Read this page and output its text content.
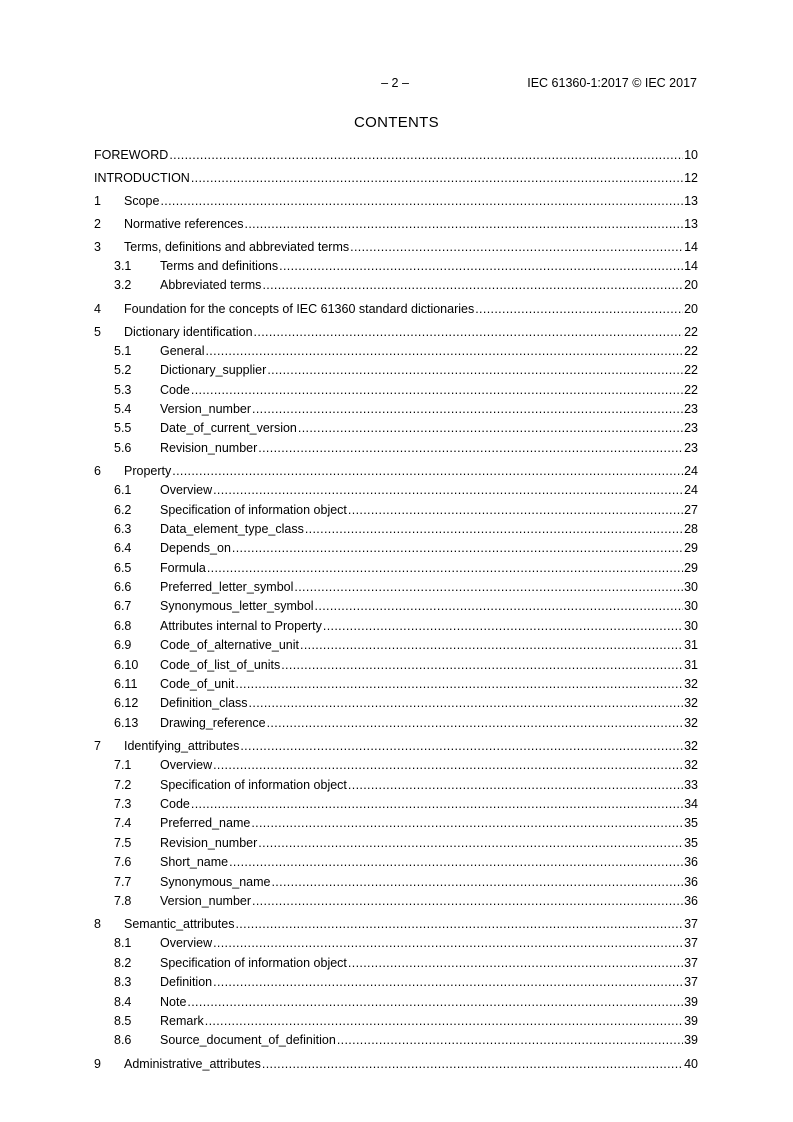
– 2 –	IEC 61360-1:2017 © IEC 2017
CONTENTS
FOREWORD .....	10
INTRODUCTION .....	12
1	Scope .....	13
2	Normative references .....	13
3	Terms, definitions and abbreviated terms .....	14
3.1	Terms and definitions .....	14
3.2	Abbreviated terms .....	20
4	Foundation for the concepts of IEC 61360 standard dictionaries .....	20
5	Dictionary identification .....	22
5.1	General .....	22
5.2	Dictionary_supplier .....	22
5.3	Code .....	22
5.4	Version_number .....	23
5.5	Date_of_current_version .....	23
5.6	Revision_number .....	23
6	Property .....	24
6.1	Overview .....	24
6.2	Specification of information object .....	27
6.3	Data_element_type_class .....	28
6.4	Depends_on .....	29
6.5	Formula .....	29
6.6	Preferred_letter_symbol .....	30
6.7	Synonymous_letter_symbol .....	30
6.8	Attributes internal to Property .....	30
6.9	Code_of_alternative_unit .....	31
6.10	Code_of_list_of_units .....	31
6.11	Code_of_unit .....	32
6.12	Definition_class .....	32
6.13	Drawing_reference .....	32
7	Identifying_attributes .....	32
7.1	Overview .....	32
7.2	Specification of information object .....	33
7.3	Code .....	34
7.4	Preferred_name .....	35
7.5	Revision_number .....	35
7.6	Short_name .....	36
7.7	Synonymous_name .....	36
7.8	Version_number .....	36
8	Semantic_attributes .....	37
8.1	Overview .....	37
8.2	Specification of information object .....	37
8.3	Definition .....	37
8.4	Note .....	39
8.5	Remark .....	39
8.6	Source_document_of_definition .....	39
9	Administrative_attributes .....	40
